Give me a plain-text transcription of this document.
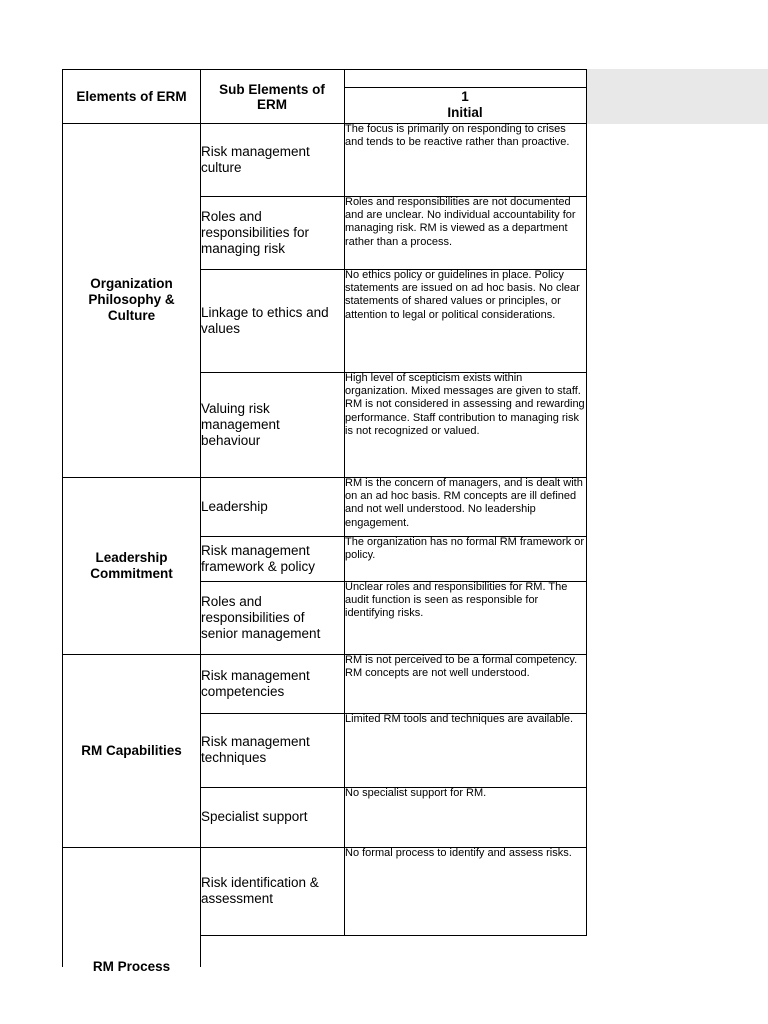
Elements of ERM	Sub Elements of ERM	1
Initial
Organization Philosophy & Culture
Risk management culture
The focus is primarily on responding to crises and tends to be reactive rather than proactive.
Roles and responsibilities for managing risk
Roles and responsibilities are not documented and are unclear. No individual accountability for managing risk. RM is viewed as a department rather than a process.
Linkage to ethics and values
No ethics policy or guidelines in place. Policy statements are issued on ad hoc basis. No clear statements of shared values or principles, or attention to legal or political considerations.
Valuing risk management behaviour
High level of scepticism exists within organization. Mixed messages are given to staff. RM is not considered in assessing and rewarding performance. Staff contribution to managing risk is not recognized or valued.
Leadership Commitment
Leadership
RM is the concern of managers, and is dealt with on an ad hoc basis. RM concepts are ill defined and not well understood. No leadership engagement.
Risk management framework & policy
The organization has no formal RM framework or policy.
Roles and responsibilities of senior management
Unclear roles and responsibilities for RM. The audit function is seen as responsible for identifying risks.
RM Capabilities
Risk management competencies
RM is not perceived to be a formal competency. RM concepts are not well understood.
Risk management techniques
Limited RM tools and techniques are available.
Specialist support
No specialist support for RM.
RM Process
Risk identification & assessment
No formal process to identify and assess risks.
